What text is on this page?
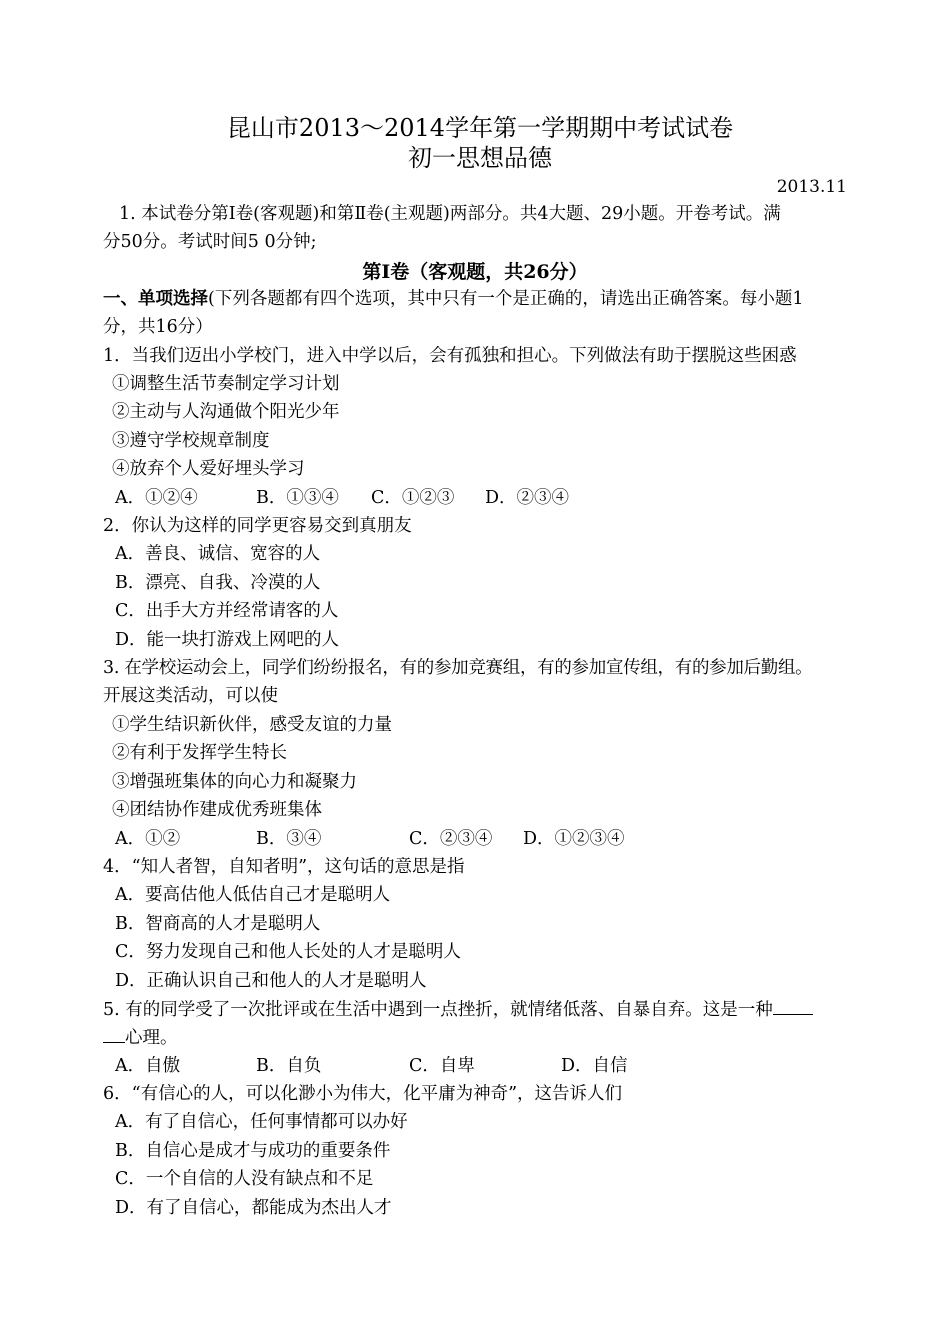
昆山市2013～2014学年第一学期期中考试试卷
初一思想品德
2013.11
1. 本试卷分第Ⅰ卷(客观题)和第Ⅱ卷(主观题)两部分。共4大题、29小题。开卷考试。满
分50分。考试时间5 0分钟;
第Ⅰ卷（客观题，共26分）
一、单项选择(下列各题都有四个选项，其中只有一个是正确的，请选出正确答案。每小题1
分，共16分）
1．当我们迈出小学校门，进入中学以后，会有孤独和担心。下列做法有助于摆脱这些困惑
①调整生活节奏制定学习计划
②主动与人沟通做个阳光少年
③遵守学校规章制度
④放弃个人爱好埋头学习
A．①②④	B．①③④ C．①②③ D．②③④
2．你认为这样的同学更容易交到真朋友
A．善良、诚信、宽容的人
B．漂亮、自我、冷漠的人
C．出手大方并经常请客的人
D．能一块打游戏上网吧的人
3. 在学校运动会上，同学们纷纷报名，有的参加竞赛组，有的参加宣传组，有的参加后勤组。
开展这类活动，可以使
①学生结识新伙伴，感受友谊的力量
②有利于发挥学生特长
③增强班集体的向心力和凝聚力
④团结协作建成优秀班集体
A．①②	B．③④	C．②③④ D．①②③④
4．“知人者智，自知者明”，这句话的意思是指
A．要高估他人低估自己才是聪明人
B．智商高的人才是聪明人
C．努力发现自己和他人长处的人才是聪明人
D．正确认识自己和他人的人才是聪明人
5. 有的同学受了一次批评或在生活中遇到一点挫折，就情绪低落、自暴自弃。这是一种
心理。
A．自傲	B．自负	C．自卑	D．自信
6．“有信心的人，可以化渺小为伟大，化平庸为神奇”，这告诉人们
A．有了自信心，任何事情都可以办好
B．自信心是成才与成功的重要条件
C．一个自信的人没有缺点和不足
D．有了自信心，都能成为杰出人才
